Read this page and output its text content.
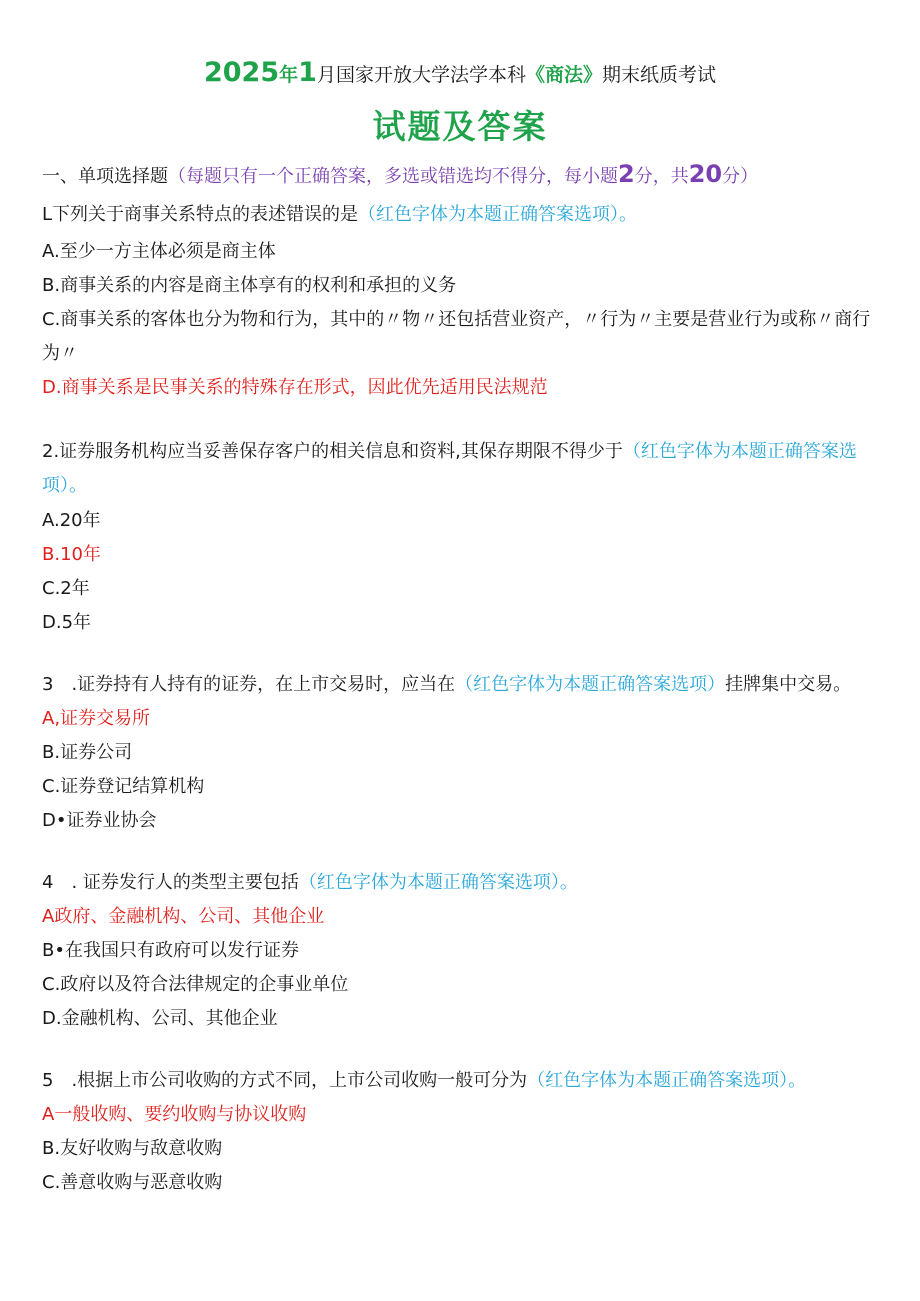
2025年1月国家开放大学法学本科《商法》期末纸质考试
试题及答案
一、单项选择题（每题只有一个正确答案，多选或错选均不得分，每小题2分，共20分）
L下列关于商事关系特点的表述错误的是（红色字体为本题正确答案选项）。
A.至少一方主体必须是商主体
B.商事关系的内容是商主体享有的权利和承担的义务
C.商事关系的客体也分为物和行为，其中的〃物〃还包括营业资产，〃行为〃主要是营业行为或称〃商行为〃
D.商事关系是民事关系的特殊存在形式，因此优先适用民法规范
2.证券服务机构应当妥善保存客户的相关信息和资料,其保存期限不得少于（红色字体为本题正确答案选项）。
A.20年
B.10年
C.2年
D.5年
3　.证券持有人持有的证券，在上市交易时，应当在（红色字体为本题正确答案选项）挂牌集中交易。
A,证券交易所
B.证券公司
C.证券登记结算机构
D•证券业协会
4　. 证券发行人的类型主要包括（红色字体为本题正确答案选项）。
A政府、金融机构、公司、其他企业
B•在我国只有政府可以发行证券
C.政府以及符合法律规定的企事业单位
D.金融机构、公司、其他企业
5　.根据上市公司收购的方式不同，上市公司收购一般可分为（红色字体为本题正确答案选项）。
A一般收购、要约收购与协议收购
B.友好收购与敌意收购
C.善意收购与恶意收购
